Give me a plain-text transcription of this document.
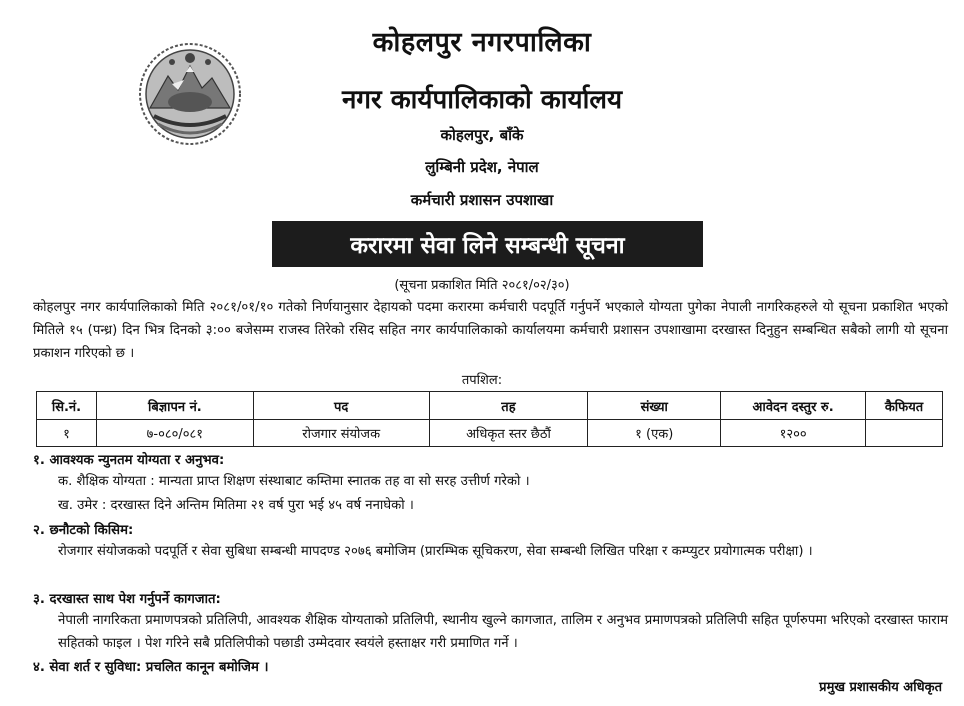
कोहलपुर नगरपालिका
नगर कार्यपालिकाको कार्यालय
कोहलपुर, बाँके
लुम्बिनी प्रदेश, नेपाल
कर्मचारी प्रशासन उपशाखा
करारमा सेवा लिने सम्बन्धी सूचना
(सूचना प्रकाशित मिति २०८१/०२/३०)
कोहलपुर नगर कार्यपालिकाको मिति २०८१/०१/१० गतेको निर्णयानुसार देहायको पदमा करारमा कर्मचारी पदपूर्ति गर्नुपर्ने भएकाले योग्यता पुगेका नेपाली नागरिकहरुले यो सूचना प्रकाशित भएको मितिले १५ (पन्ध्र) दिन भित्र दिनको ३:०० बजेसम्म राजस्व तिरेको रसिद सहित नगर कार्यपालिकाको कार्यालयमा कर्मचारी प्रशासन उपशाखामा दरखास्त दिनुहुन सम्बन्धित सबैको लागी यो सूचना प्रकाशन गरिएको छ ।
तपशिल:
सि.नं.	बिज्ञापन नं.	पद	तह	संख्या	आवेदन दस्तुर रु.	कैफियत
१	७-०८०/०८१	रोजगार संयोजक	अधिकृत स्तर छैठौं	१ (एक)	१२००	
१. आवश्यक न्युनतम योग्यता र अनुभव:
क. शैक्षिक योग्यता : मान्यता प्राप्त शिक्षण संस्थाबाट कम्तिमा स्नातक तह वा सो सरह उत्तीर्ण गरेको ।
ख. उमेर : दरखास्त दिने अन्तिम मितिमा २१ वर्ष पुरा भई ४५ वर्ष ननाघेको ।
२. छनौटको किसिम:
रोजगार संयोजकको पदपूर्ति र सेवा सुबिधा सम्बन्धी मापदण्ड २०७६ बमोजिम (प्रारम्भिक सूचिकरण, सेवा सम्बन्धी लिखित परिक्षा र कम्प्युटर प्रयोगात्मक परीक्षा) ।
३. दरखास्त साथ पेश गर्नुपर्ने कागजात:
नेपाली नागरिकता प्रमाणपत्रको प्रतिलिपी, आवश्यक शैक्षिक योग्यताको प्रतिलिपी, स्थानीय खुल्ने कागजात, तालिम र अनुभव प्रमाणपत्रको प्रतिलिपी सहित पूर्णरुपमा भरिएको दरखास्त फाराम सहितको फाइल । पेश गरिने सबै प्रतिलिपीको पछाडी उम्मेदवार स्वयंले हस्ताक्षर गरी प्रमाणित गर्ने ।
४. सेवा शर्त र सुविधा: प्रचलित कानून बमोजिम ।
प्रमुख प्रशासकीय अधिकृत
